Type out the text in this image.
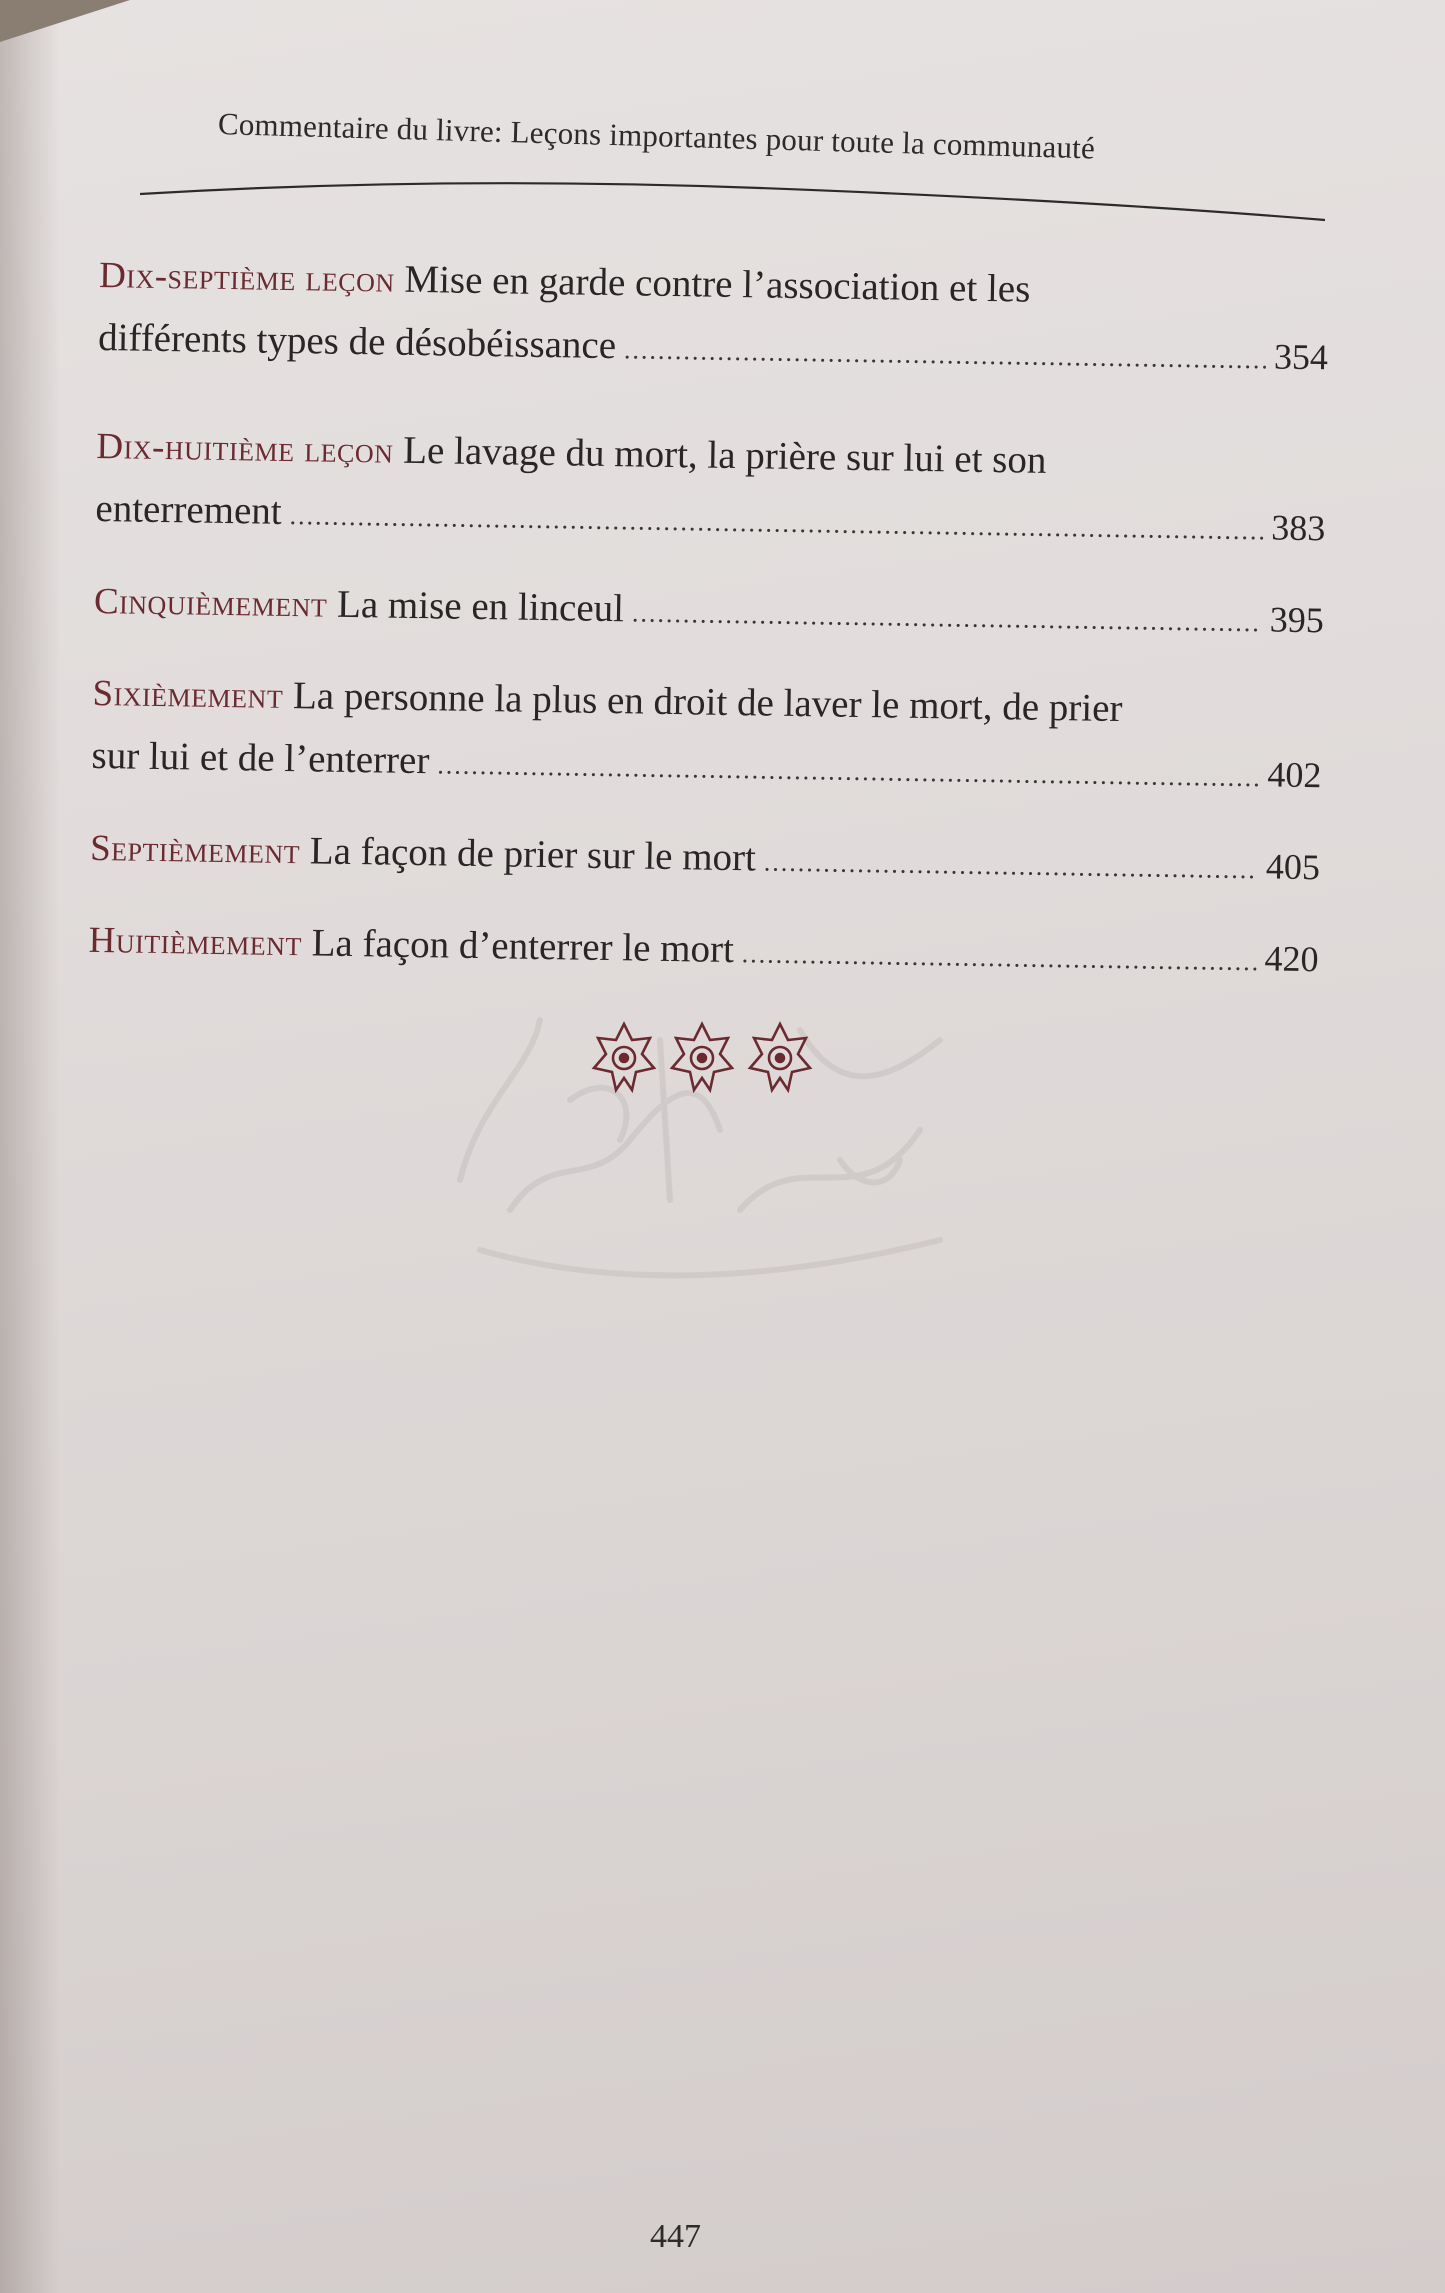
Commentaire du livre: Leçons importantes pour toute la communauté
Dix-septième leçon Mise en garde contre l’association et les
différents types de désobéissance .....	354
Dix-huitième leçon Le lavage du mort, la prière sur lui et son
enterrement .....	383
Cinquièmement La mise en linceul .....	395
Sixièmement La personne la plus en droit de laver le mort, de prier
sur lui et de l’enterrer .....	402
Septièmement La façon de prier sur le mort .....	405
Huitièmement La façon d’enterrer le mort .....	420
447
